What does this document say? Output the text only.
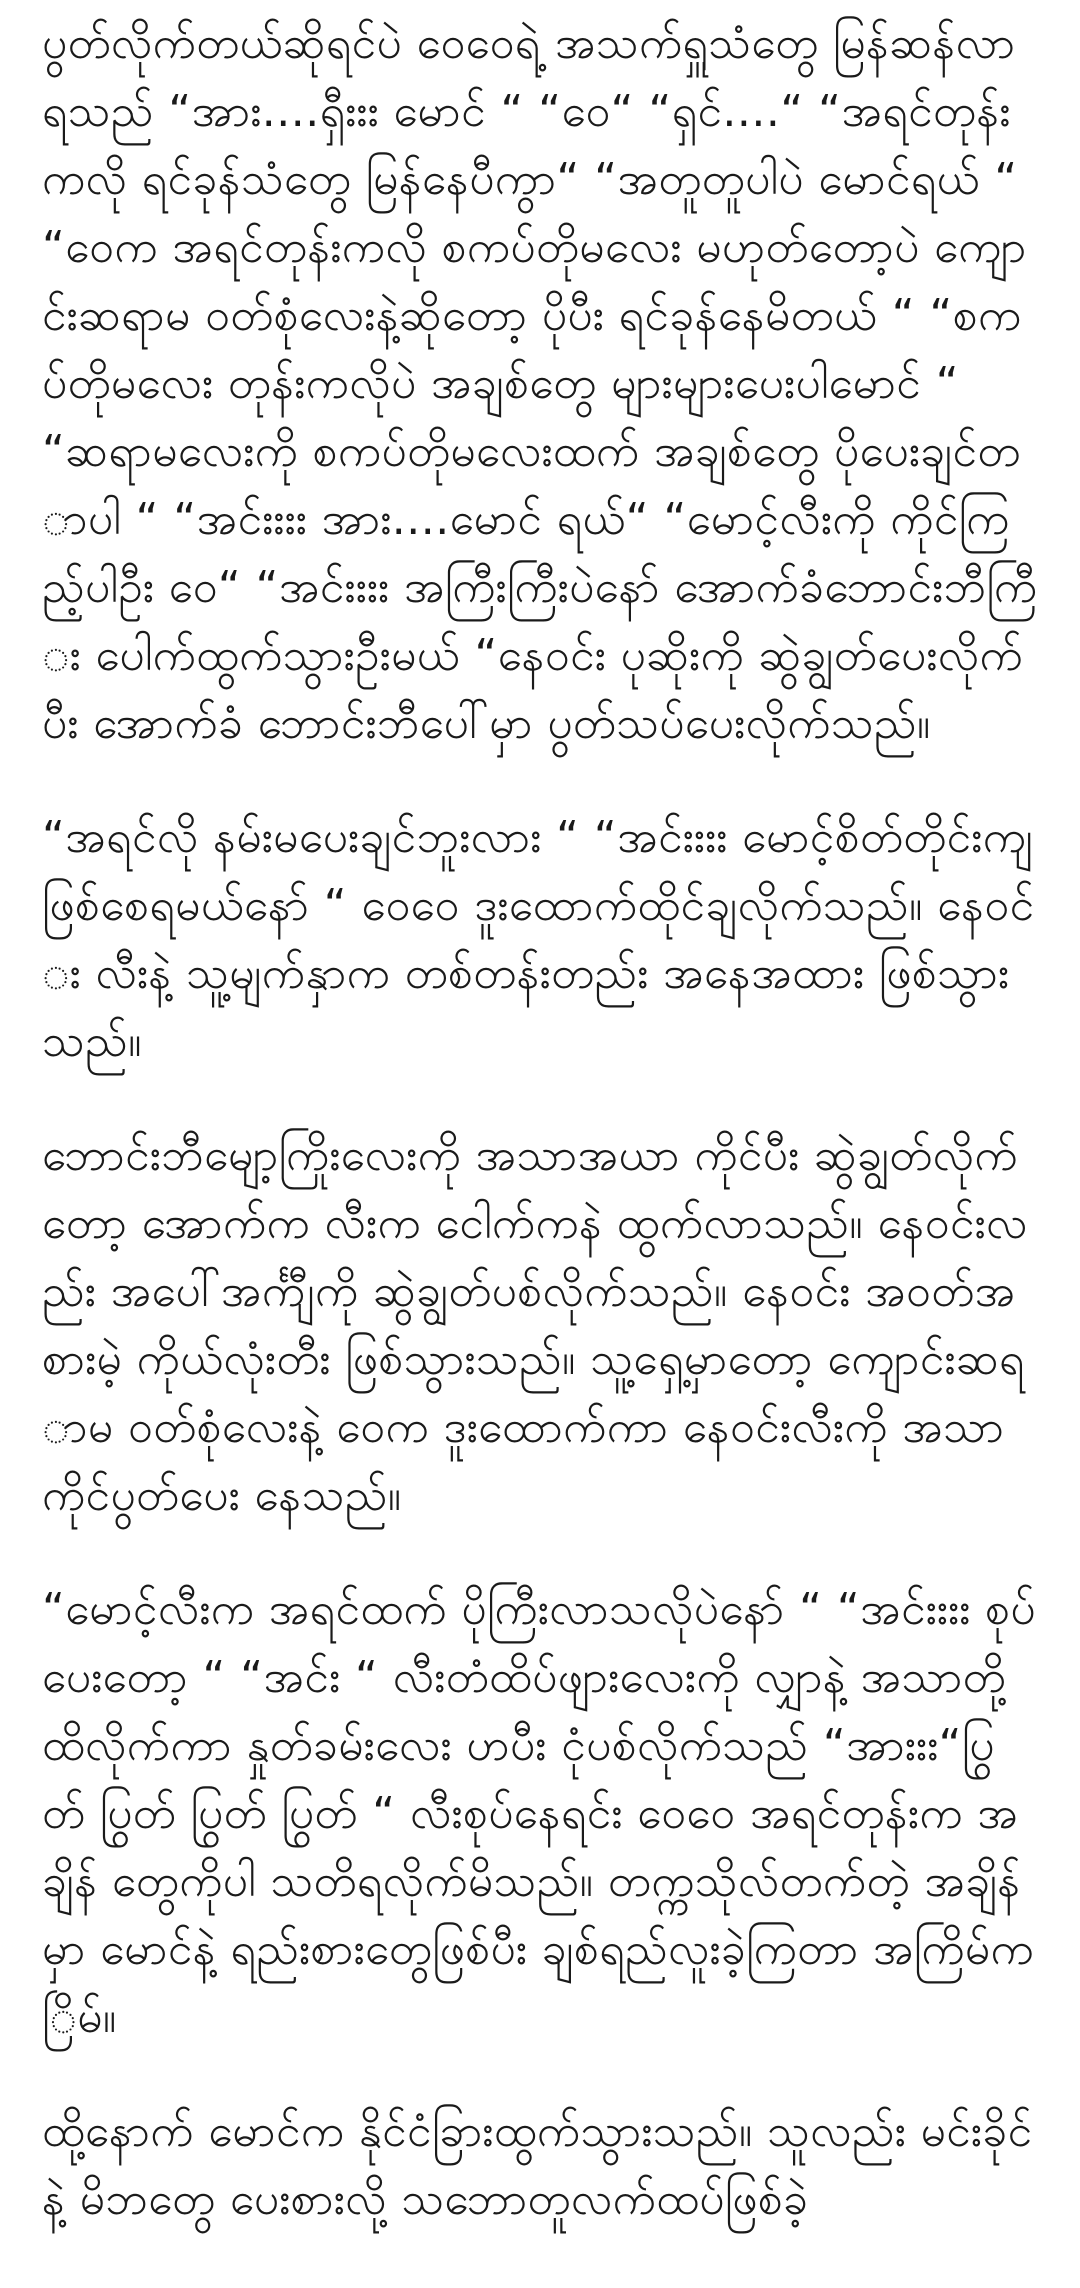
ပွတ်လိုက်တယ်ဆိုရင်ပဲ ဝေဝေရဲ့ အသက်ရှူသံတွေ မြန်ဆန်လာရသည် “အား....ရှီးးး မောင် “ “ဝေ“ “ရှင်....“ “အရင်တုန်းကလို ရင်ခုန်သံတွေ မြန်နေပီကွာ“ “အတူတူပါပဲ မောင်ရယ် “ “ဝေက အရင်တုန်းကလို စကပ်တိုမလေး မဟုတ်တော့ပဲ ကျောင်းဆရာမ ဝတ်စုံလေးနဲ့ဆိုတော့ ပိုပီး ရင်ခုန်နေမိတယ် “ “စကပ်တိုမလေး တုန်းကလိုပဲ အချစ်တွေ များများပေးပါမောင် “ “ဆရာမလေးကို စကပ်တိုမလေးထက် အချစ်တွေ ပိုပေးချင်တာပါ “ “အင်းးးး အား....မောင် ရယ်“ “မောင့်လီးကို ကိုင်ကြည့်ပါဦး ဝေ“ “အင်းးးး အကြီးကြီးပဲနော် အောက်ခံဘောင်းဘီကြီး ပေါက်ထွက်သွားဦးမယ် “နေဝင်း ပုဆိုးကို ဆွဲချွတ်ပေးလိုက်ပီး အောက်ခံ ဘောင်းဘီပေါ်မှာ ပွတ်သပ်ပေးလိုက်သည်။

“အရင်လို နမ်းမပေးချင်ဘူးလား “ “အင်းးးး မောင့်စိတ်တိုင်းကျ ဖြစ်စေရမယ်နော် “ ဝေဝေ ဒူးထောက်ထိုင်ချလိုက်သည်။ နေဝင်း လီးနဲ့ သူ့မျက်နှာက တစ်တန်းတည်း အနေအထား ဖြစ်သွားသည်။

ဘောင်းဘီမျော့ကြိုးလေးကို အသာအယာ ကိုင်ပီး ဆွဲချွတ်လိုက်တော့ အောက်က လီးက ငေါက်ကနဲ ထွက်လာသည်။ နေဝင်းလည်း အပေါ်အင်္ကျီကို ဆွဲချွတ်ပစ်လိုက်သည်။ နေဝင်း အဝတ်အစားမဲ့ ကိုယ်လုံးတီး ဖြစ်သွားသည်။ သူ့ရှေ့မှာတော့ ကျောင်းဆရာမ ဝတ်စုံလေးနဲ့ ဝေက ဒူးထောက်ကာ နေဝင်းလီးကို အသာကိုင်ပွတ်ပေး နေသည်။

“မောင့်လီးက အရင်ထက် ပိုကြီးလာသလိုပဲနော် “ “အင်းးးး စုပ်ပေးတော့ “ “အင်း “ လီးတံထိပ်ဖျားလေးကို လျှာနဲ့ အသာတို့ထိလိုက်ကာ နှုတ်ခမ်းလေး ဟပီး ငုံပစ်လိုက်သည် “အားးး“ပြွတ် ပြွတ် ပြွတ် ပြွတ် “ လီးစုပ်နေရင်း ဝေဝေ အရင်တုန်းက အချိန် တွေကိုပါ သတိရလိုက်မိသည်။ တက္ကသိုလ်တက်တဲ့ အချိန်မှာ မောင်နဲ့ ရည်းစားတွေဖြစ်ပီး ချစ်ရည်လူးခဲ့ကြတာ အကြိမ်ကြိမ်။

ထို့နောက် မောင်က နိုင်ငံခြားထွက်သွားသည်။ သူလည်း မင်းခိုင်နဲ့ မိဘတွေ ပေးစားလို့ သဘောတူလက်ထပ်ဖြစ်ခဲ့
